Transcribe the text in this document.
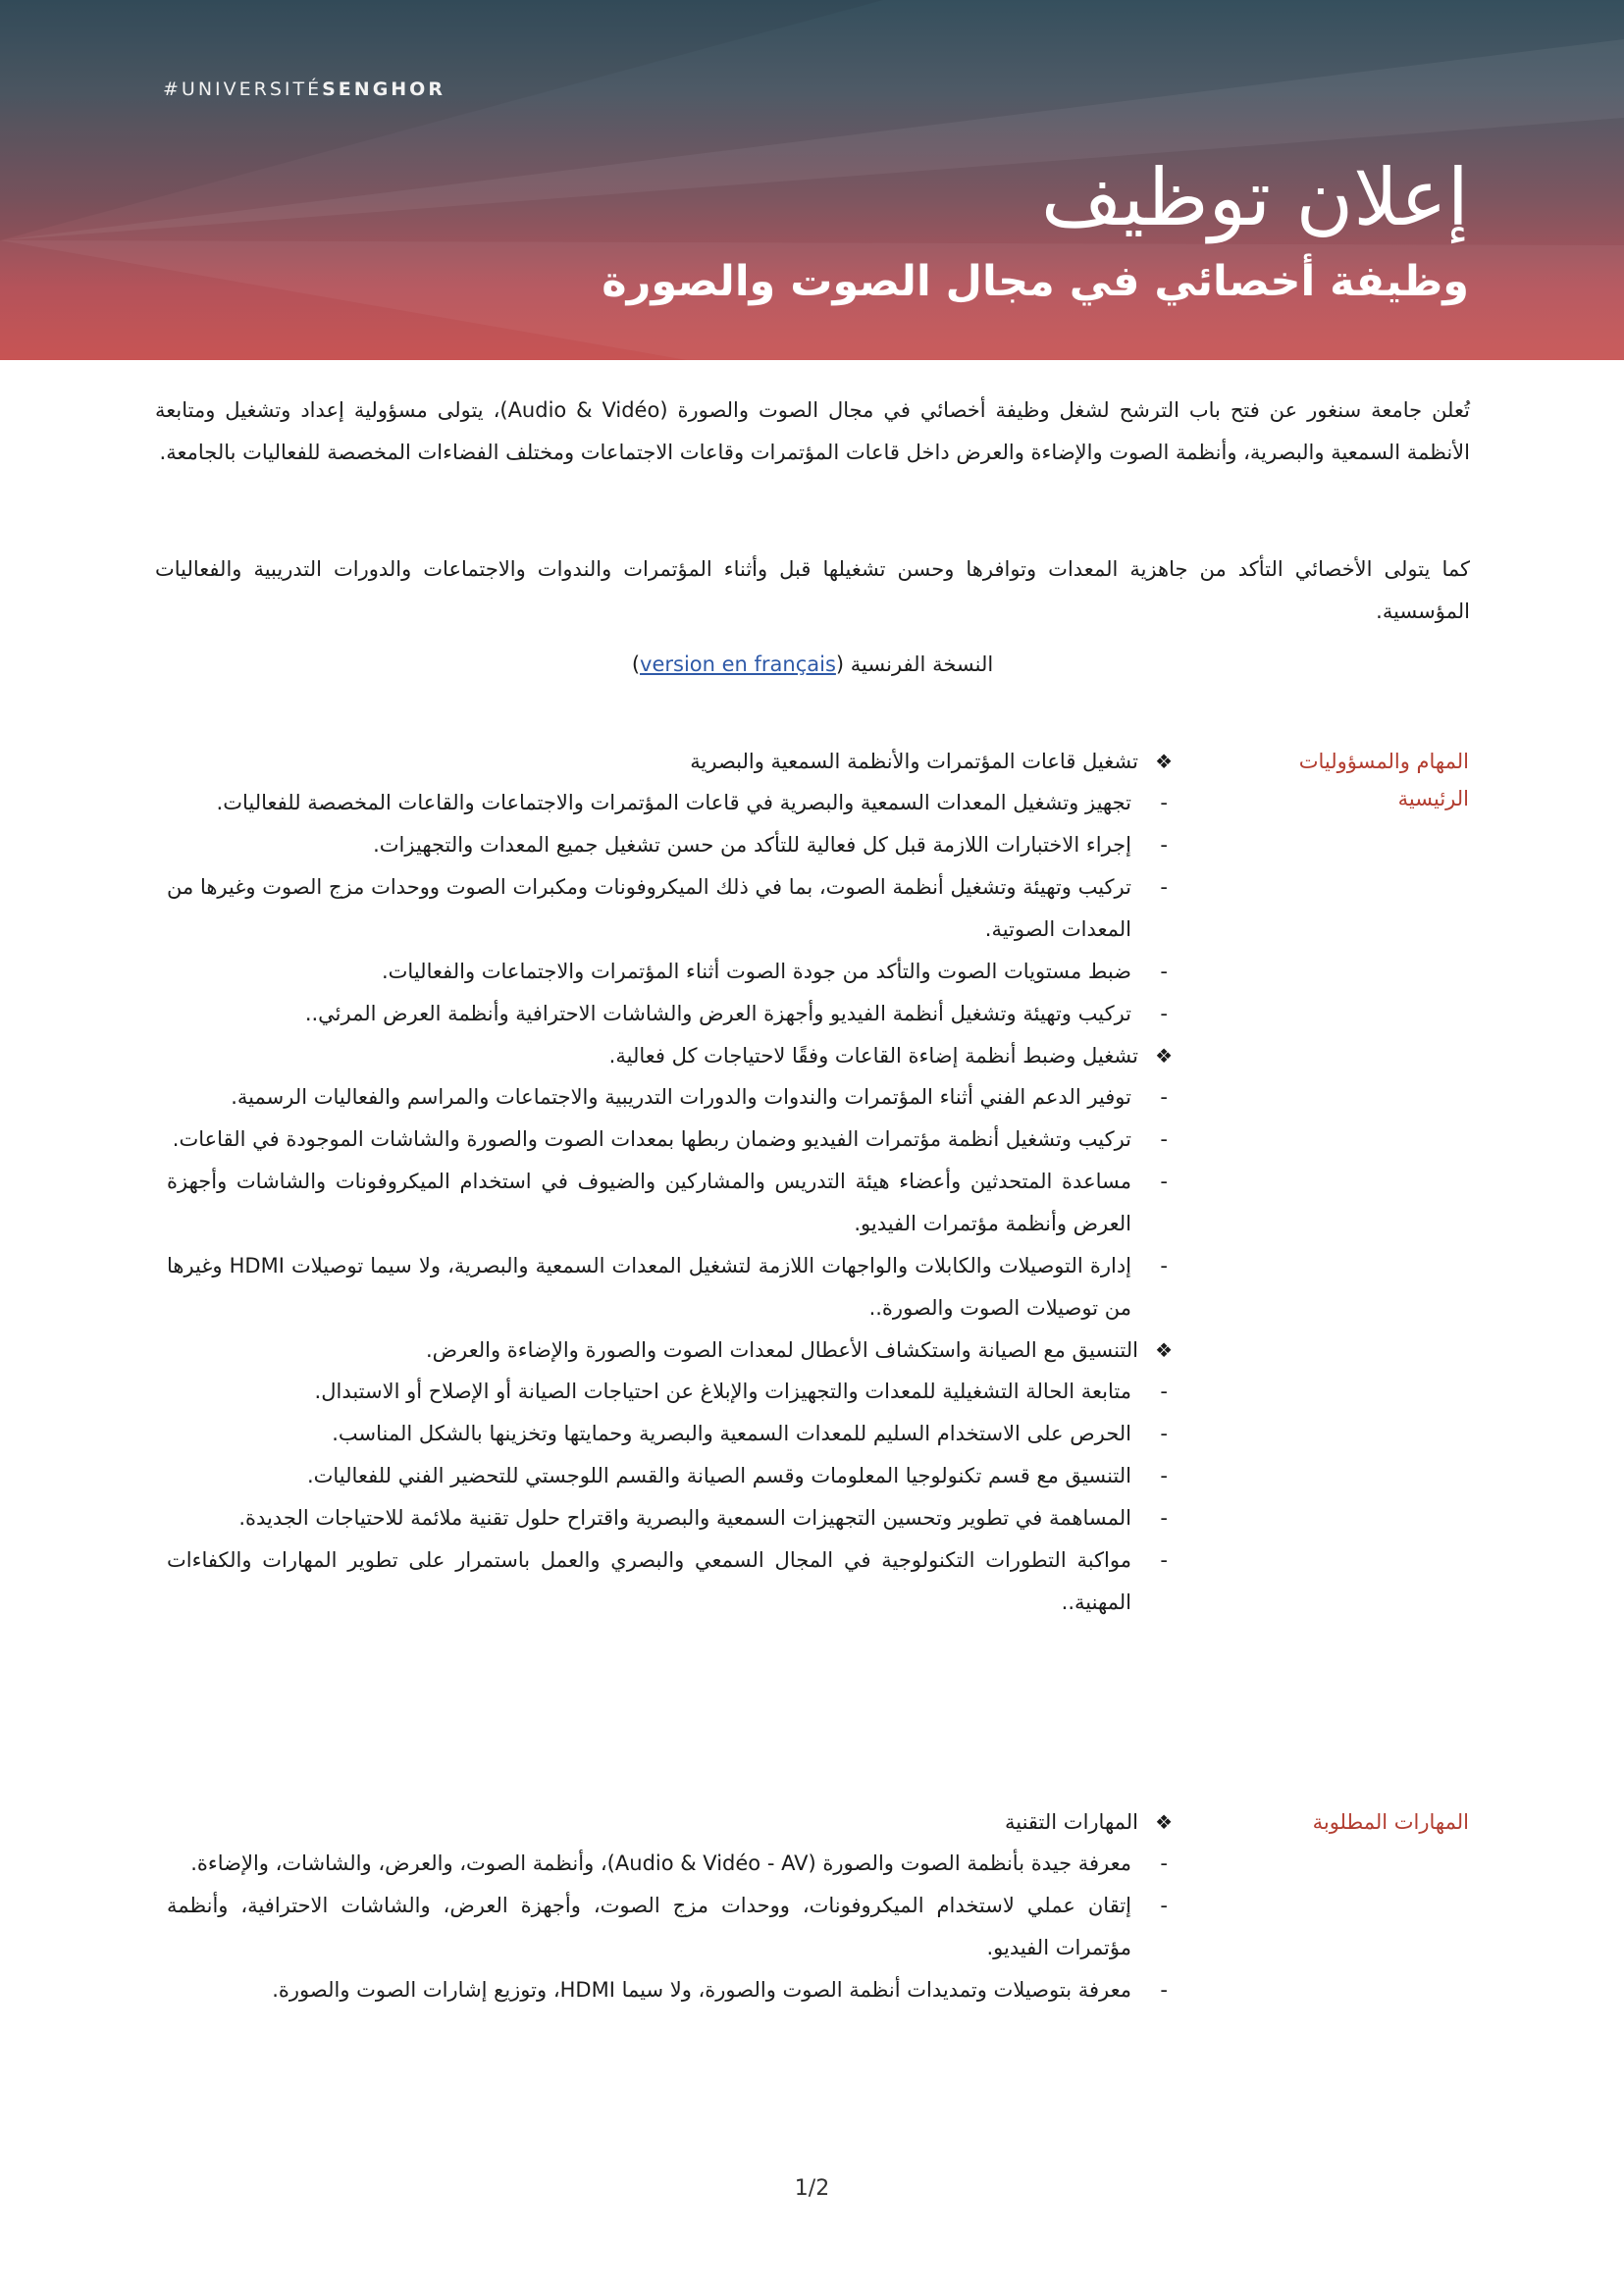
#UNIVERSITÉSENGHOR
إعلان توظيف
وظيفة أخصائي في مجال الصوت والصورة

تُعلن جامعة سنغور عن فتح باب الترشح لشغل وظيفة أخصائي في مجال الصوت والصورة (Audio & Vidéo)، يتولى مسؤولية إعداد وتشغيل ومتابعة الأنظمة السمعية والبصرية، وأنظمة الصوت والإضاءة والعرض داخل قاعات المؤتمرات وقاعات الاجتماعات ومختلف الفضاءات المخصصة للفعاليات بالجامعة.

كما يتولى الأخصائي التأكد من جاهزية المعدات وتوافرها وحسن تشغيلها قبل وأثناء المؤتمرات والندوات والاجتماعات والدورات التدريبية والفعاليات المؤسسية.

النسخة الفرنسية (version en français)
المهام والمسؤوليات الرئيسية
❖
تشغيل قاعات المؤتمرات والأنظمة السمعية والبصرية
-
تجهيز وتشغيل المعدات السمعية والبصرية في قاعات المؤتمرات والاجتماعات والقاعات المخصصة للفعاليات.
-
إجراء الاختبارات اللازمة قبل كل فعالية للتأكد من حسن تشغيل جميع المعدات والتجهيزات.
-
تركيب وتهيئة وتشغيل أنظمة الصوت، بما في ذلك الميكروفونات ومكبرات الصوت ووحدات مزج الصوت وغيرها من المعدات الصوتية.
-
ضبط مستويات الصوت والتأكد من جودة الصوت أثناء المؤتمرات والاجتماعات والفعاليات.
-
تركيب وتهيئة وتشغيل أنظمة الفيديو وأجهزة العرض والشاشات الاحترافية وأنظمة العرض المرئي..
❖
تشغيل وضبط أنظمة إضاءة القاعات وفقًا لاحتياجات كل فعالية.
-
توفير الدعم الفني أثناء المؤتمرات والندوات والدورات التدريبية والاجتماعات والمراسم والفعاليات الرسمية.
-
تركيب وتشغيل أنظمة مؤتمرات الفيديو وضمان ربطها بمعدات الصوت والصورة والشاشات الموجودة في القاعات.
-
مساعدة المتحدثين وأعضاء هيئة التدريس والمشاركين والضيوف في استخدام الميكروفونات والشاشات وأجهزة العرض وأنظمة مؤتمرات الفيديو.
-
إدارة التوصيلات والكابلات والواجهات اللازمة لتشغيل المعدات السمعية والبصرية، ولا سيما توصيلات HDMI وغيرها من توصيلات الصوت والصورة..
❖
التنسيق مع الصيانة واستكشاف الأعطال لمعدات الصوت والصورة والإضاءة والعرض.
-
متابعة الحالة التشغيلية للمعدات والتجهيزات والإبلاغ عن احتياجات الصيانة أو الإصلاح أو الاستبدال.
-
الحرص على الاستخدام السليم للمعدات السمعية والبصرية وحمايتها وتخزينها بالشكل المناسب.
-
التنسيق مع قسم تكنولوجيا المعلومات وقسم الصيانة والقسم اللوجستي للتحضير الفني للفعاليات.
-
المساهمة في تطوير وتحسين التجهيزات السمعية والبصرية واقتراح حلول تقنية ملائمة للاحتياجات الجديدة.
-
مواكبة التطورات التكنولوجية في المجال السمعي والبصري والعمل باستمرار على تطوير المهارات والكفاءات المهنية..
المهارات المطلوبة
❖
المهارات التقنية
-
معرفة جيدة بأنظمة الصوت والصورة (Audio & Vidéo - AV)، وأنظمة الصوت، والعرض، والشاشات، والإضاءة.
-
إتقان عملي لاستخدام الميكروفونات، ووحدات مزج الصوت، وأجهزة العرض، والشاشات الاحترافية، وأنظمة مؤتمرات الفيديو.
-
معرفة بتوصيلات وتمديدات أنظمة الصوت والصورة، ولا سيما HDMI، وتوزيع إشارات الصوت والصورة.
1/2
